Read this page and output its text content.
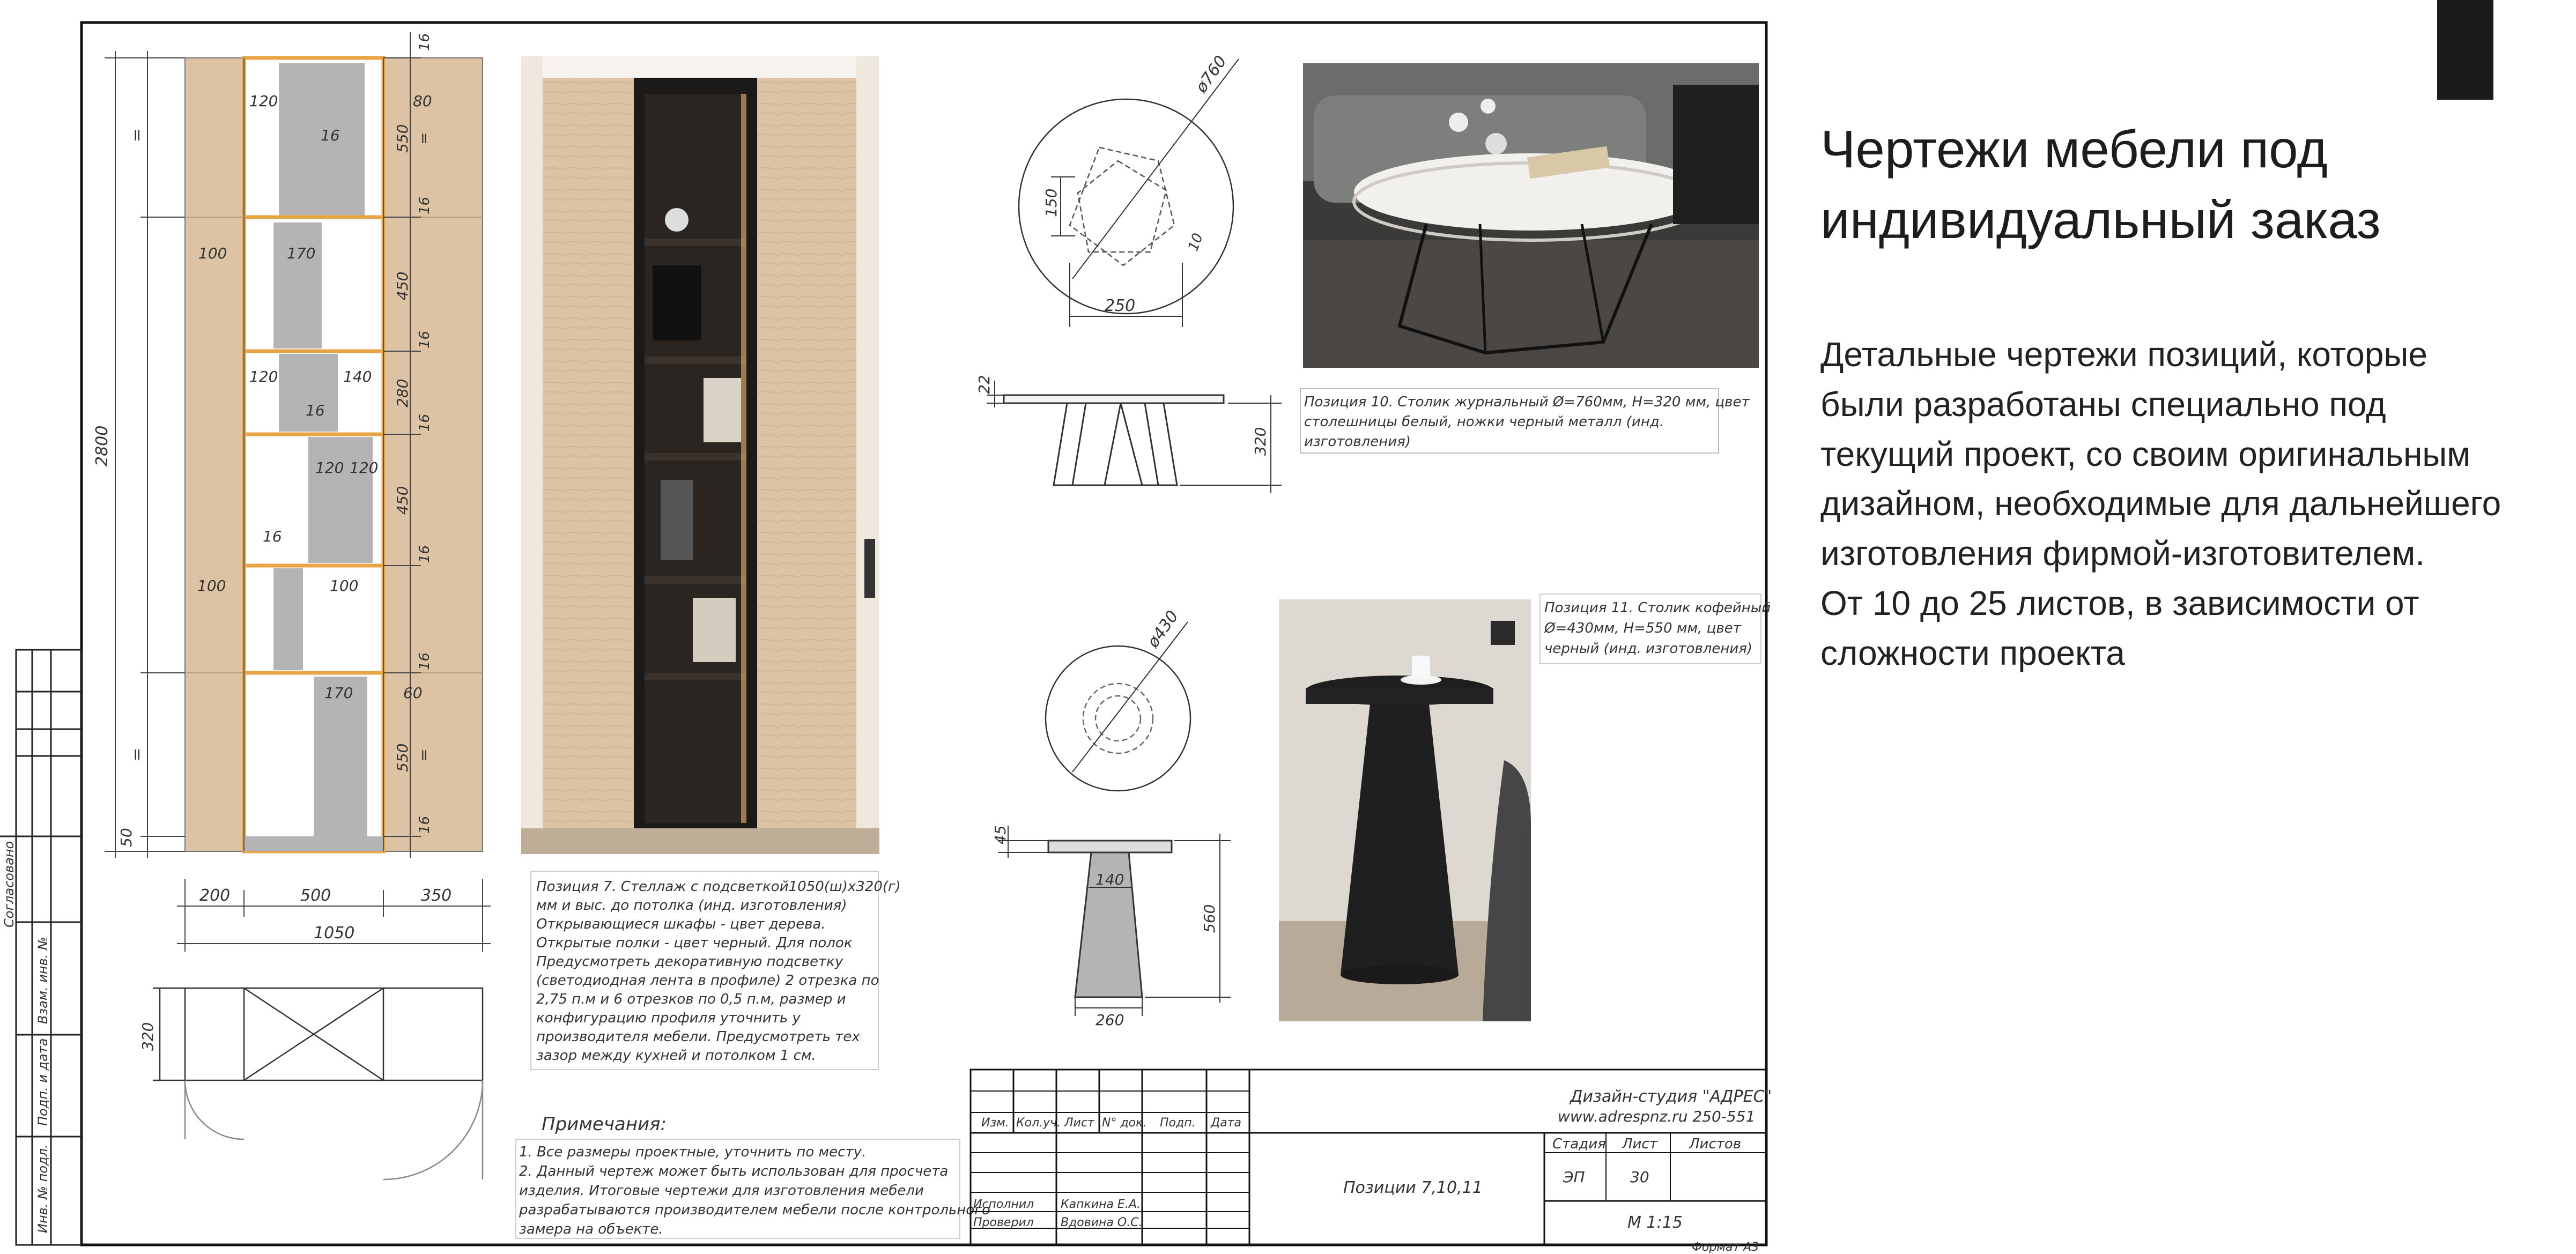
Согласовано
Взам. инв. №
Подп. и дата
Инв. № подл.
2800
=
=
50
16
550
16
450
16
280
16
450
16
550
16
16
=
=
120
16
80
100	170
120	140
16
120 120
16
100	100
170	60
200	500	350
1050
320
ø760
150
250
10
22
320
Позиция 10. Столик журнальный Ø=760мм, Н=320 мм, цвет
столешницы белый, ножки черный металл (инд.
изготовления)
ø430
45
140
260
560
Позиция 11. Столик кофейный
Ø=430мм, Н=550 мм, цвет
черный (инд. изготовления)
Позиция 7. Стеллаж с подсветкой1050(ш)х320(г)
мм и выс. до потолка (инд. изготовления)
Открывающиеся шкафы - цвет дерева.
Открытые полки - цвет черный. Для полок
Предусмотреть декоративную подсветку
(светодиодная лента в профиле) 2 отрезка по
2,75 п.м и 6 отрезков по 0,5 п.м, размер и
конфигурацию профиля уточнить у
производителя мебели. Предусмотреть тех
зазор между кухней и потолком 1 см.
Примечания:
1. Все размеры проектные, уточнить по месту.
2. Данный чертеж может быть использован для просчета
изделия. Итоговые чертежи для изготовления мебели
разрабатываются производителем мебели после контрольного
замера на объекте.
Изм. Кол.уч. Лист N° док. Подп. Дата
Исполнил Капкина Е.А.
Проверил Вдовина О.С.
Дизайн-студия "АДРЕС"
www.adrespnz.ru 250-551
Позиции 7,10,11
Стадия Лист Листов
ЭП	30
М 1:15
Формат А3
Чертежи мебели под
индивидуальный заказ

Детальные чертежи позиций, которые
были разработаны специально под
текущий проект, со своим оригинальным
дизайном, необходимые для дальнейшего
изготовления фирмой-изготовителем.
От 10 до 25 листов, в зависимости от
сложности проекта
